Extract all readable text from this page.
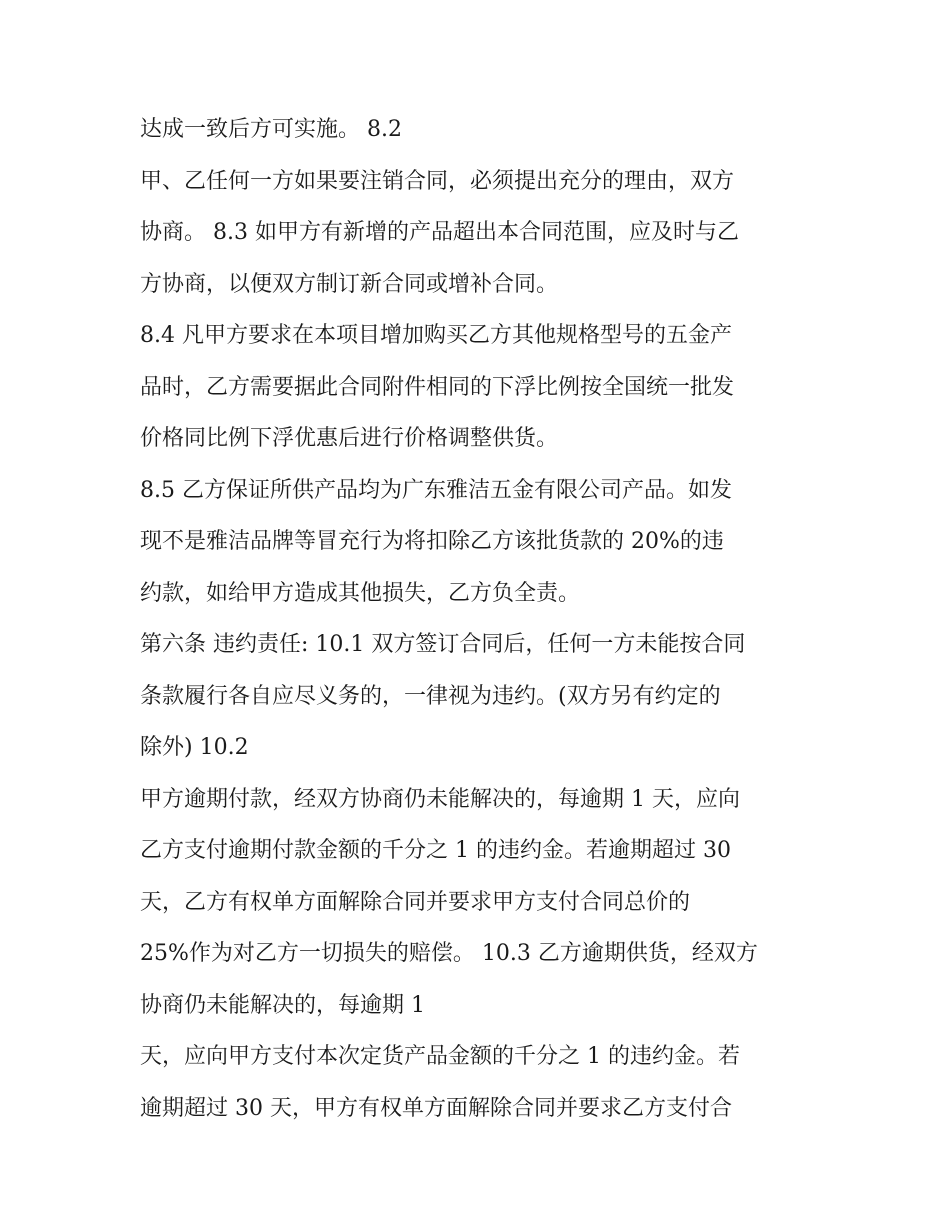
达成一致后方可实施。 8.2
甲、乙任何一方如果要注销合同，必须提出充分的理由，双方
协商。 8.3 如甲方有新增的产品超出本合同范围，应及时与乙
方协商，以便双方制订新合同或增补合同。
8.4 凡甲方要求在本项目增加购买乙方其他规格型号的五金产
品时，乙方需要据此合同附件相同的下浮比例按全国统一批发
价格同比例下浮优惠后进行价格调整供货。
8.5 乙方保证所供产品均为广东雅洁五金有限公司产品。如发
现不是雅洁品牌等冒充行为将扣除乙方该批货款的 20%的违
约款，如给甲方造成其他损失，乙方负全责。
第六条 违约责任: 10.1 双方签订合同后，任何一方未能按合同
条款履行各自应尽义务的，一律视为违约。(双方另有约定的
除外) 10.2
甲方逾期付款，经双方协商仍未能解决的，每逾期 1 天，应向
乙方支付逾期付款金额的千分之 1 的违约金。若逾期超过 30
天，乙方有权单方面解除合同并要求甲方支付合同总价的
25%作为对乙方一切损失的赔偿。 10.3 乙方逾期供货，经双方
协商仍未能解决的，每逾期 1
天，应向甲方支付本次定货产品金额的千分之 1 的违约金。若
逾期超过 30 天，甲方有权单方面解除合同并要求乙方支付合
